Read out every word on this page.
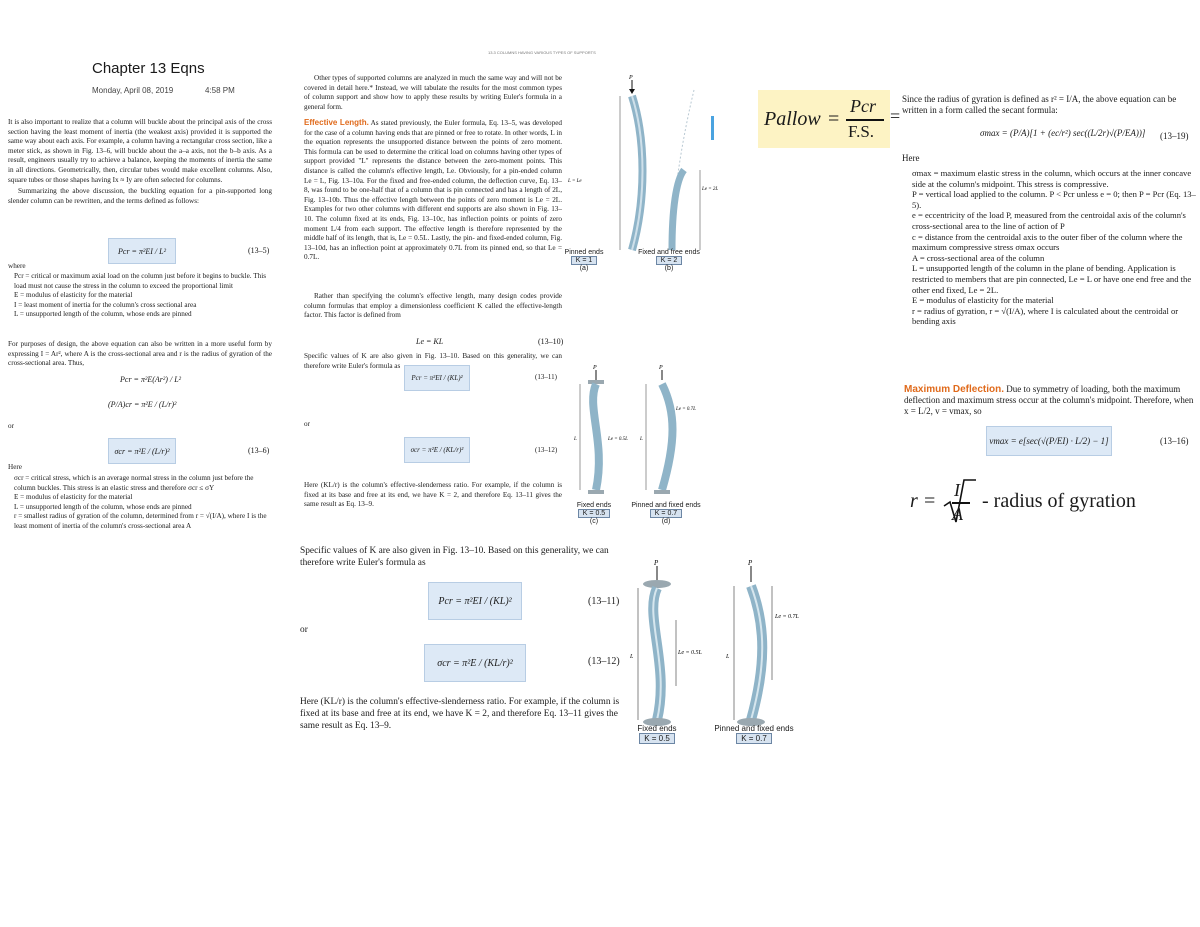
Chapter 13 Eqns
Monday, April 08, 2019	4:58 PM
It is also important to realize that a column will buckle about the principal axis of the cross section having the least moment of inertia (the weakest axis) provided it is supported the same way about each axis. For example, a column having a rectangular cross section, like a meter stick, as shown in Fig. 13–6, will buckle about the a–a axis, not the b–b axis. As a result, engineers usually try to achieve a balance, keeping the moments of inertia the same in all directions. Geometrically, then, circular tubes would make excellent columns. Also, square tubes or those shapes having Ix ≈ Iy are often selected for columns.
Summarizing the above discussion, the buckling equation for a pin-supported long slender column can be rewritten, and the terms defined as follows:
Pcr = π²EI / L²	(13–5)
where
Pcr = critical or maximum axial load on the column just before it begins to buckle. This load must not cause the stress in the column to exceed the proportional limit
E = modulus of elasticity for the material
I = least moment of inertia for the column's cross sectional area
L = unsupported length of the column, whose ends are pinned
For purposes of design, the above equation can also be written in a more useful form by expressing I = Ar², where A is the cross-sectional area and r is the radius of gyration of the cross-sectional area. Thus,
Pcr = π²E(Ar²) / L²
(P/A)cr = π²E / (L/r)²
or
σcr = π²E / (L/r)²	(13–6)
Here
σcr = critical stress, which is an average normal stress in the column just before the column buckles. This stress is an elastic stress and therefore σcr ≤ σY
E = modulus of elasticity for the material
L = unsupported length of the column, whose ends are pinned
r = smallest radius of gyration of the column, determined from r = √(I/A), where I is the least moment of inertia of the column's cross-sectional area A
13.3 COLUMNS HAVING VARIOUS TYPES OF SUPPORTS
Other types of supported columns are analyzed in much the same way and will not be covered in detail here.* Instead, we will tabulate the results for the most common types of column support and show how to apply these results by writing Euler's formula in a general form.
Effective Length. As stated previously, the Euler formula, Eq. 13–5, was developed for the case of a column having ends that are pinned or free to rotate. In other words, L in the equation represents the unsupported distance between the points of zero moment. This formula can be used to determine the critical load on columns having other types of support provided "L" represents the distance between the zero-moment points. This distance is called the column's effective length, Le. Obviously, for a pin-ended column Le = L, Fig. 13–10a. For the fixed and free-ended column, the deflection curve, Eq. 13–8, was found to be one-half that of a column that is pin connected and has a length of 2L, Fig. 13–10b. Thus the effective length between the points of zero moment is Le = 2L. Examples for two other columns with different end supports are also shown in Fig. 13–10. The column fixed at its ends, Fig. 13–10c, has inflection points or points of zero moment L/4 from each support. The effective length is therefore represented by the middle half of its length, that is, Le = 0.5L. Lastly, the pin- and fixed-ended column, Fig. 13–10d, has an inflection point at approximately 0.7L from its pinned end, so that Le = 0.7L.
Rather than specifying the column's effective length, many design codes provide column formulas that employ a dimensionless coefficient K called the effective-length factor. This factor is defined from
Le = KL	(13–10)
Specific values of K are also given in Fig. 13–10. Based on this generality, we can therefore write Euler's formula as
Pcr = π²EI / (KL)²	(13–11)
or
σcr = π²E / (KL/r)²	(13–12)
Here (KL/r) is the column's effective-slenderness ratio. For example, if the column is fixed at its base and free at its end, we have K = 2, and therefore Eq. 13–11 gives the same result as Eq. 13–9.
P
L = Le
Le = 2L
Pinned ends
K = 1
(a)
Fixed and free ends
K = 2
(b)
P
L	Le = 0.5L
P
L
Le = 0.7L
Fixed ends
K = 0.5
(c)
Pinned and fixed ends
K = 0.7
(d)
Specific values of K are also given in Fig. 13–10. Based on this generality, we can therefore write Euler's formula as
Pcr = π²EI / (KL)²	(13–11)
or
σcr = π²E / (KL/r)²	(13–12)
Here (KL/r) is the column's effective-slenderness ratio. For example, if the column is fixed at its base and free at its end, we have K = 2, and therefore Eq. 13–11 gives the same result as Eq. 13–9.
P
L
Le = 0.5L
P
L
Le = 0.7L
Fixed ends
K = 0.5
Pinned and fixed ends
K = 0.7
Pallow =
Pcr
F.S.
=
Since the radius of gyration is defined as r² = I/A, the above equation can be written in a form called the secant formula:
σmax = (P/A)[1 + (ec/r²) sec((L/2r)√(P/EA))] (13–19)
Here
σmax = maximum elastic stress in the column, which occurs at the inner concave side at the column's midpoint. This stress is compressive.
P = vertical load applied to the column. P < Pcr unless e = 0; then P = Pcr (Eq. 13–5).
e = eccentricity of the load P, measured from the centroidal axis of the column's cross-sectional area to the line of action of P
c = distance from the centroidal axis to the outer fiber of the column where the maximum compressive stress σmax occurs
A = cross-sectional area of the column
L = unsupported length of the column in the plane of bending. Application is restricted to members that are pin connected, Le = L or have one end free and the other end fixed, Le = 2L.
E = modulus of elasticity for the material
r = radius of gyration, r = √(I/A), where I is calculated about the centroidal or bending axis
Maximum Deflection. Due to symmetry of loading, both the maximum deflection and maximum stress occur at the column's midpoint. Therefore, when x = L/2, v = vmax, so
vmax = e[sec(√(P/EI) · L/2) − 1]	(13–16)
r = I
A
- radius of gyration
